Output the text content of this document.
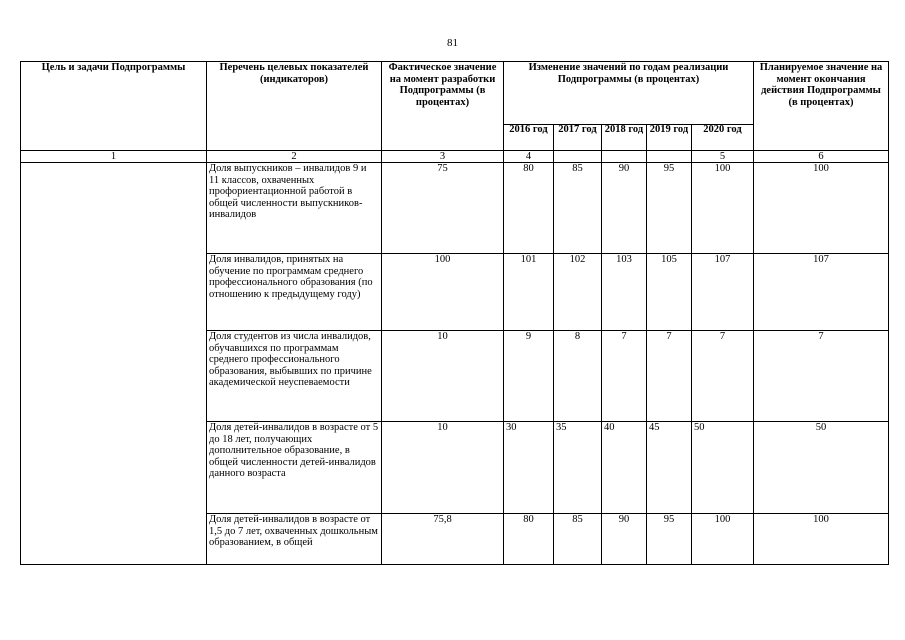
81
Цель и задачи Подпрограммы	Перечень целевых показателей (индикаторов)	Фактическое значение на момент разработки Подпрограммы (в процентах)	Изменение значений по годам реализации Подпрограммы (в процентах)					Планируемое значение на момент окончания действия Подпрограммы (в процентах)
			2016 год	2017 год	2018 год	2019 год	2020 год	
1	2	3	4				5	6
	Доля выпускников – инвалидов 9 и 11 классов, охваченных профориентационной работой в общей численности выпускников-инвалидов	75	80	85	90	95	100	100
	Доля инвалидов, принятых на обучение по программам среднего профессионального образования (по отношению к предыдущему году)	100	101	102	103	105	107	107
	Доля студентов из числа инвалидов, обучавшихся по программам среднего профессионального образования, выбывших по причине академической неуспеваемости	10	9	8	7	7	7	7
	Доля детей-инвалидов в возрасте от 5 до 18 лет, получающих дополнительное образование, в общей численности детей-инвалидов данного возраста	10	30	35	40	45	50	50
	Доля детей-инвалидов в возрасте от 1,5 до 7 лет, охваченных дошкольным образованием, в общей	75,8	80	85	90	95	100	100
